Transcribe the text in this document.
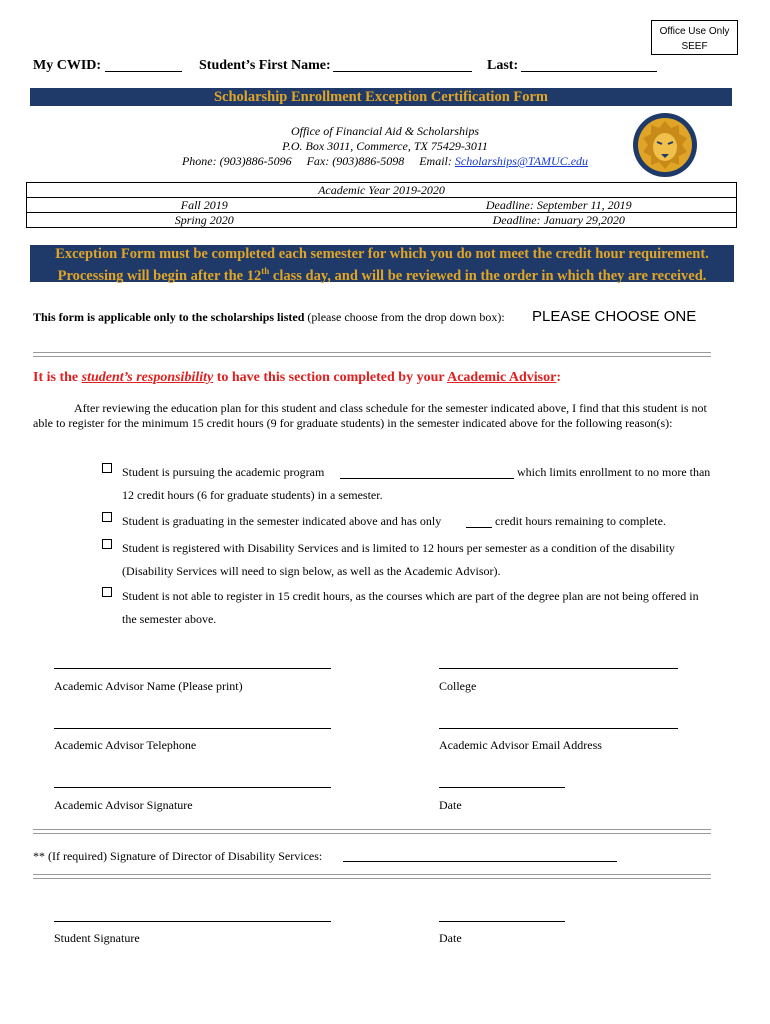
Office Use Only
SEEF
My CWID:	Student’s First Name:	Last:
Scholarship Enrollment Exception Certification Form
Office of Financial Aid & Scholarships
P.O. Box 3011, Commerce, TX 75429-3011
Phone: (903)886-5096 Fax: (903)886-5098 Email: Scholarships@TAMUC.edu
Academic Year 2019-2020	
Fall 2019	Deadline: September 11, 2019
Spring 2020	Deadline: January 29,2020
Exception Form must be completed each semester for which you do not meet the credit hour requirement.
Processing will begin after the 12th class day, and will be reviewed in the order in which they are received.
This form is applicable only to the scholarships listed (please choose from the drop down box): PLEASE CHOOSE ONE
It is the student’s responsibility to have this section completed by your Academic Advisor:
After reviewing the education plan for this student and class schedule for the semester indicated above, I find that this student is not able to register for the minimum 15 credit hours (9 for graduate students) in the semester indicated above for the following reason(s):
Student is pursuing the academic program	which limits enrollment to no more than
12 credit hours (6 for graduate students) in a semester.
Student is graduating in the semester indicated above and has only	credit hours remaining to complete.
Student is registered with Disability Services and is limited to 12 hours per semester as a condition of the disability
(Disability Services will need to sign below, as well as the Academic Advisor).
Student is not able to register in 15 credit hours, as the courses which are part of the degree plan are not being offered in
the semester above.
Academic Advisor Name (Please print)	College
Academic Advisor Telephone	Academic Advisor Email Address
Academic Advisor Signature	Date
** (If required) Signature of Director of Disability Services:
Student Signature	Date
